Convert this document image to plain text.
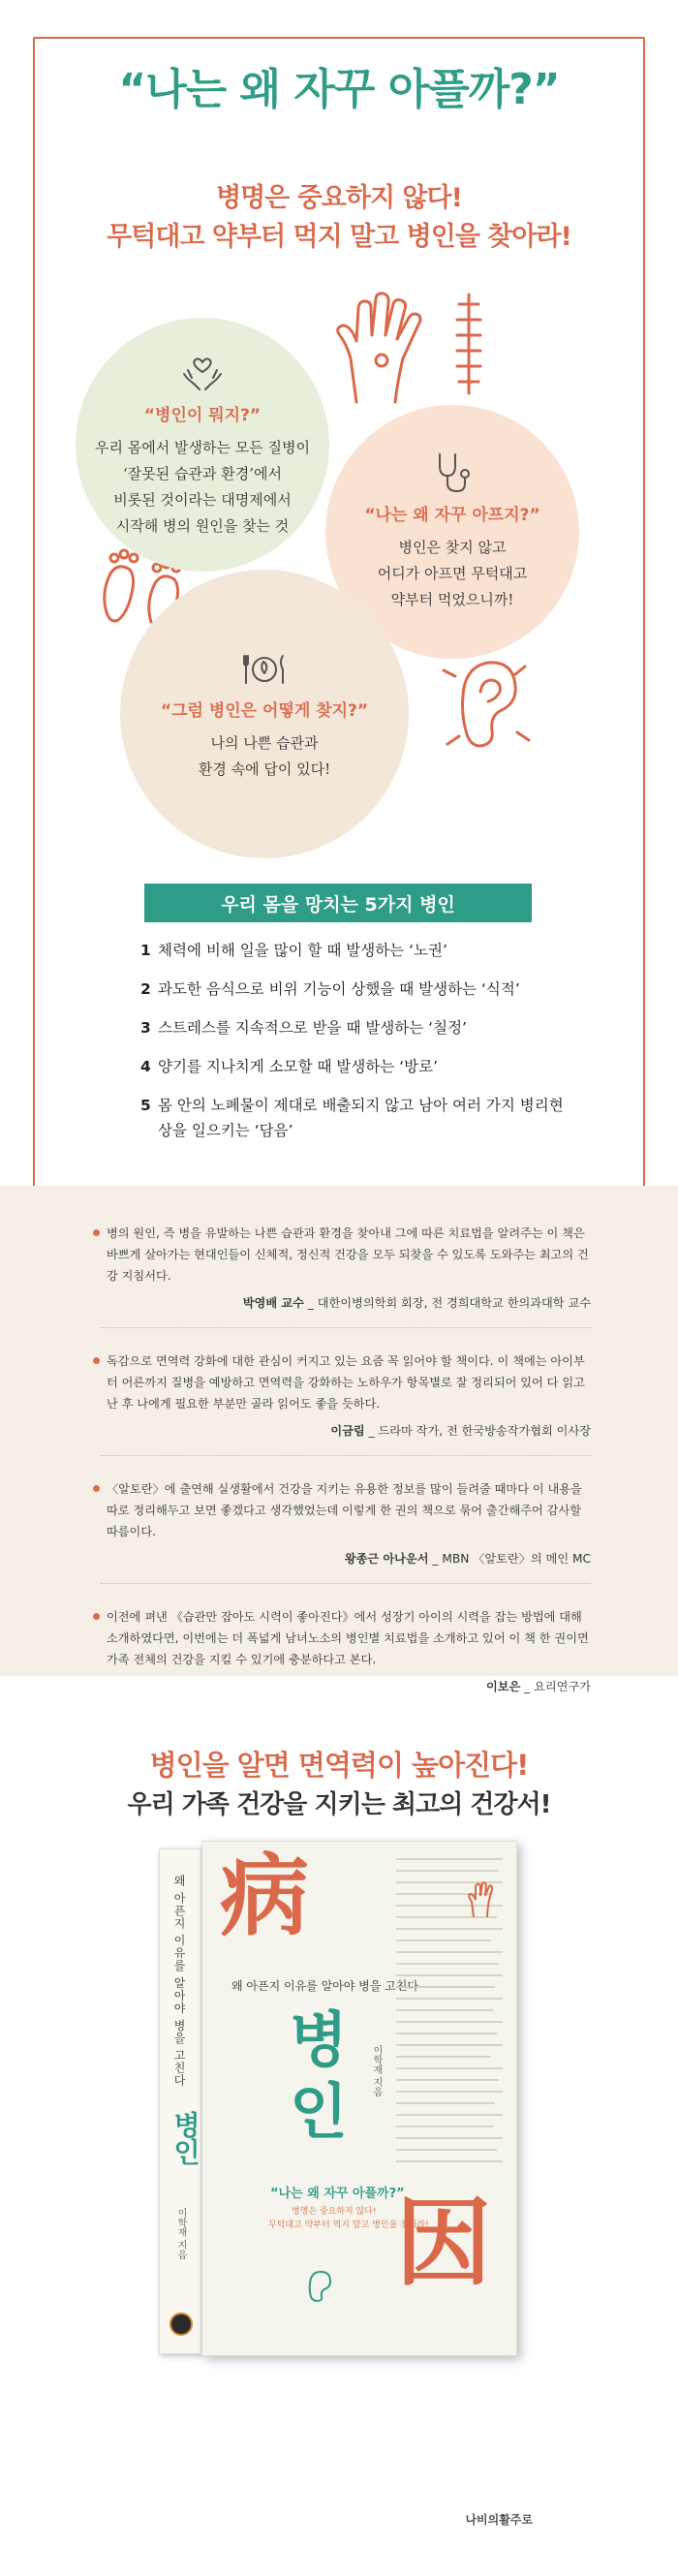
“나는 왜 자꾸 아플까?”
병명은 중요하지 않다!
무턱대고 약부터 먹지 말고 병인을 찾아라!
“병인이 뭐지?”
우리 몸에서 발생하는 모든 질병이
‘잘못된 습관과 환경’에서
비롯된 것이라는 대명제에서
시작해 병의 원인을 찾는 것
“나는 왜 자꾸 아프지?”
병인은 찾지 않고
어디가 아프면 무턱대고
약부터 먹었으니까!
“그럼 병인은 어떻게 찾지?”
나의 나쁜 습관과
환경 속에 답이 있다!
우리 몸을 망치는 5가지 병인
1 체력에 비해 일을 많이 할 때 발생하는 ‘노권’
2 과도한 음식으로 비위 기능이 상했을 때 발생하는 ‘식적’
3 스트레스를 지속적으로 받을 때 발생하는 ‘칠정’
4 양기를 지나치게 소모할 때 발생하는 ‘방로’
5 몸 안의 노폐물이 제대로 배출되지 않고 남아 여러 가지 병리현상을 일으키는 ‘담음’

병의 원인, 즉 병을 유발하는 나쁜 습관과 환경을 찾아내 그에 따른 치료법을 알려주는 이 책은 바쁘게 살아가는 현대인들이 신체적, 정신적 건강을 모두 되찾을 수 있도록 도와주는 최고의 건강 지침서다.

박영배 교수 _ 대한이병의학회 회장, 전 경희대학교 한의과대학 교수

독감으로 면역력 강화에 대한 관심이 커지고 있는 요즘 꼭 읽어야 할 책이다. 이 책에는 아이부터 어른까지 질병을 예방하고 면역력을 강화하는 노하우가 항목별로 잘 정리되어 있어 다 읽고 난 후 나에게 필요한 부분만 골라 읽어도 좋을 듯하다.

이금림 _ 드라마 작가, 전 한국방송작가협회 이사장

〈알토란〉에 출연해 실생활에서 건강을 지키는 유용한 정보를 많이 들려줄 때마다 이 내용을 따로 정리해두고 보면 좋겠다고 생각했었는데 이렇게 한 권의 책으로 묶어 출간해주어 감사할 따름이다.

왕종근 아나운서 _ MBN 〈알토란〉의 메인 MC

이전에 펴낸 《습관만 잡아도 시력이 좋아진다》에서 성장기 아이의 시력을 잡는 방법에 대해 소개하였다면, 이번에는 더 폭넓게 남녀노소의 병인별 치료법을 소개하고 있어 이 책 한 권이면 가족 전체의 건강을 지킬 수 있기에 충분하다고 본다.

이보은 _ 요리연구가
병인을 알면 면역력이 높아진다!
우리 가족 건강을 지키는 최고의 건강서!
왜 아픈지 이유를 알아야 병을 고친다
병인
이학재 지음
病
왜 아픈지 이유를 알아야 병을 고친다
병
인
이학재 지음
“나는 왜 자꾸 아플까?”
병명은 중요하지 않다!
무턱대고 약부터 먹지 말고 병인을 찾아라!
因
나비의활주로
